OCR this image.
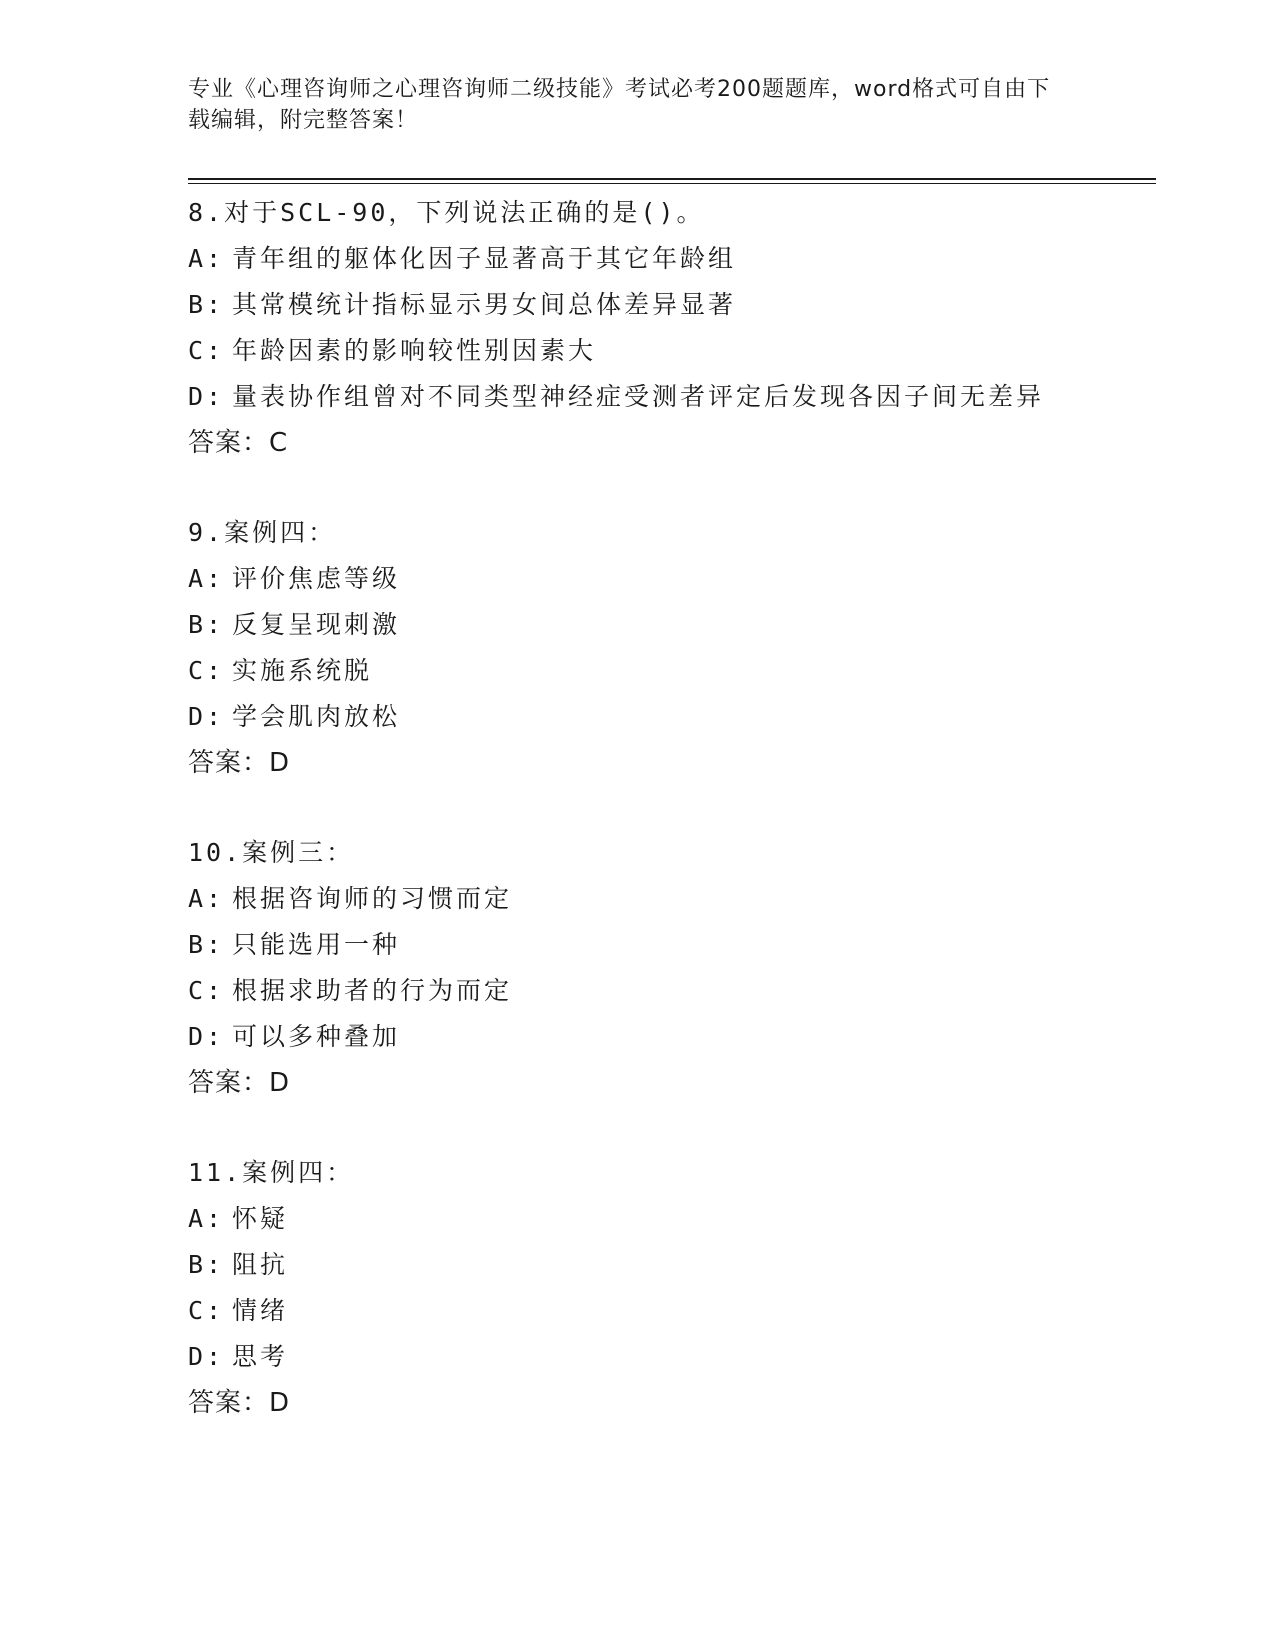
专业《心理咨询师之心理咨询师二级技能》考试必考200题题库，word格式可自由下载编辑，附完整答案！
8.对于SCL-90，下列说法正确的是()。
A: 青年组的躯体化因子显著高于其它年龄组
B: 其常模统计指标显示男女间总体差异显著
C: 年龄因素的影响较性别因素大
D: 量表协作组曾对不同类型神经症受测者评定后发现各因子间无差异
答案：C
9.案例四：
A: 评价焦虑等级
B: 反复呈现刺激
C: 实施系统脱
D: 学会肌肉放松
答案：D
10.案例三：
A: 根据咨询师的习惯而定
B: 只能选用一种
C: 根据求助者的行为而定
D: 可以多种叠加
答案：D
11.案例四：
A: 怀疑
B: 阻抗
C: 情绪
D: 思考
答案：D
